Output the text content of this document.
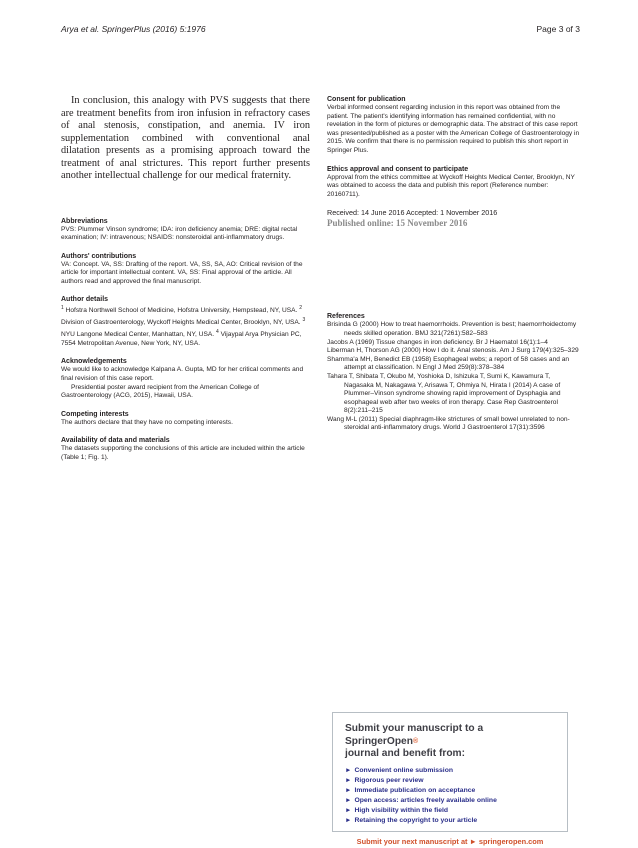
Arya et al. SpringerPlus (2016) 5:1976	Page 3 of 3

In conclusion, this analogy with PVS suggests that there are treatment benefits from iron infusion in refractory cases of anal stenosis, constipation, and anemia. IV iron supplementation combined with conventional anal dilatation presents as a promising approach toward the treatment of anal strictures. This report further presents another intellectual challenge for our medical fraternity.

Abbreviations

PVS: Plummer Vinson syndrome; IDA: iron deficiency anemia; DRE: digital rectal examination; IV: intravenous; NSAIDS: nonsteroidal anti-inflammatory drugs.

Authors' contributions

VA: Concept. VA, SS: Drafting of the report. VA, SS, SA, AO: Critical revision of the article for important intellectual content. VA, SS: Final approval of the article. All authors read and approved the final manuscript.

Author details

$^1$ Hofstra Northwell School of Medicine, Hofstra University, Hempstead, NY, USA. $^2$ Division of Gastroenterology, Wyckoff Heights Medical Center, Brooklyn, NY, USA. $^3$ NYU Langone Medical Center, Manhattan, NY, USA. $^4$ Vijaypal Arya Physician PC, 7554 Metropolitan Avenue, New York, NY, USA.

Acknowledgements

We would like to acknowledge Kalpana A. Gupta, MD for her critical comments and final revision of this case report.

Presidential poster award recipient from the American College of Gastroenterology (ACG, 2015), Hawaii, USA.

Competing interests

The authors declare that they have no competing interests.

Availability of data and materials

The datasets supporting the conclusions of this article are included within the article (Table 1; Fig. 1).

Consent for publication

Verbal informed consent regarding inclusion in this report was obtained from the patient. The patient's identifying information has remained confidential, with no revelation in the form of pictures or demographic data. The abstract of this case report was presented/published as a poster with the American College of Gastroenterology in 2015. We confirm that there is no permission required to publish this short report in Springer Plus.

Ethics approval and consent to participate

Approval from the ethics committee at Wyckoff Heights Medical Center, Brooklyn, NY was obtained to access the data and publish this report (Reference number: 20160711).

Received: 14 June 2016 Accepted: 1 November 2016
Published online: 15 November 2016

References

Brisinda G (2000) How to treat haemorrhoids. Prevention is best; haemorrhoidectomy needs skilled operation. BMJ 321(7261):582–583

Jacobs A (1969) Tissue changes in iron deficiency. Br J Haematol 16(1):1–4

Liberman H, Thorson AG (2000) How I do it. Anal stenosis. Am J Surg 179(4):325–329

Shamma'a MH, Benedict EB (1958) Esophageal webs; a report of 58 cases and an attempt at classification. N Engl J Med 259(8):378–384

Tahara T, Shibata T, Okubo M, Yoshioka D, Ishizuka T, Sumi K, Kawamura T, Nagasaka M, Nakagawa Y, Arisawa T, Ohmiya N, Hirata I (2014) A case of Plummer–Vinson syndrome showing rapid improvement of Dysphagia and esophageal web after two weeks of iron therapy. Case Rep Gastroenterol 8(2):211–215

Wang M-L (2011) Special diaphragm-like strictures of small bowel unrelated to non-steroidal anti-inflammatory drugs. World J Gastroenterol 17(31):3596

Submit your manuscript to a SpringerOpen®
journal and benefit from:

► Convenient online submission
► Rigorous peer review
► Immediate publication on acceptance
► Open access: articles freely available online
► High visibility within the field
► Retaining the copyright to your article
Submit your next manuscript at ► springeropen.com
